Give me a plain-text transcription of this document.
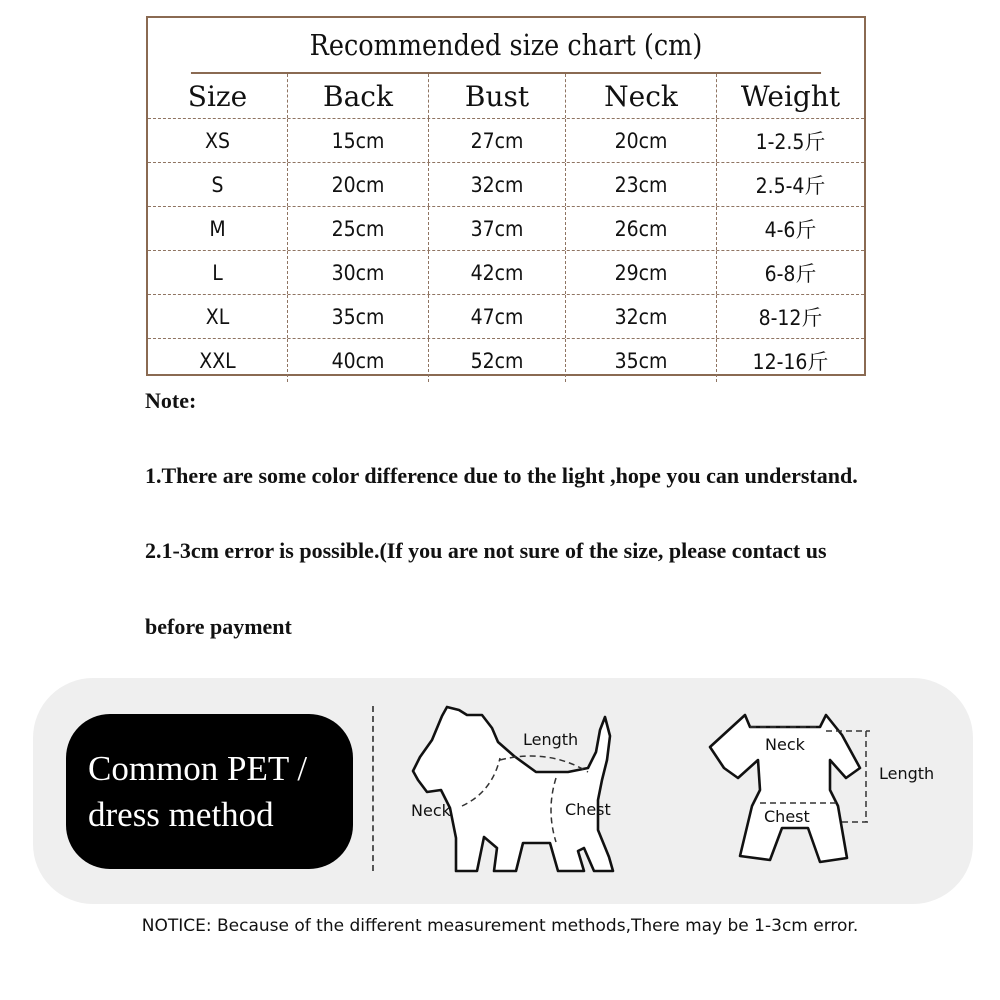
Recommended size chart (cm)
Size	Back	Bust	Neck	Weight
XS	15cm	27cm	20cm	1-2.5斤
S	20cm	32cm	23cm	2.5-4斤
M	25cm	37cm	26cm	4-6斤
L	30cm	42cm	29cm	6-8斤
XL	35cm	47cm	32cm	8-12斤
XXL	40cm	52cm	35cm	12-16斤
Note:
1.There are some color difference due to the light ,hope you can understand.
2.1-3cm error is possible.(If you are not sure of the size, please contact us
before payment
Common PET /
dress method
Length
Neck	Chest
Neck
Length
Chest
NOTICE: Because of the different measurement methods,There may be 1-3cm error.
